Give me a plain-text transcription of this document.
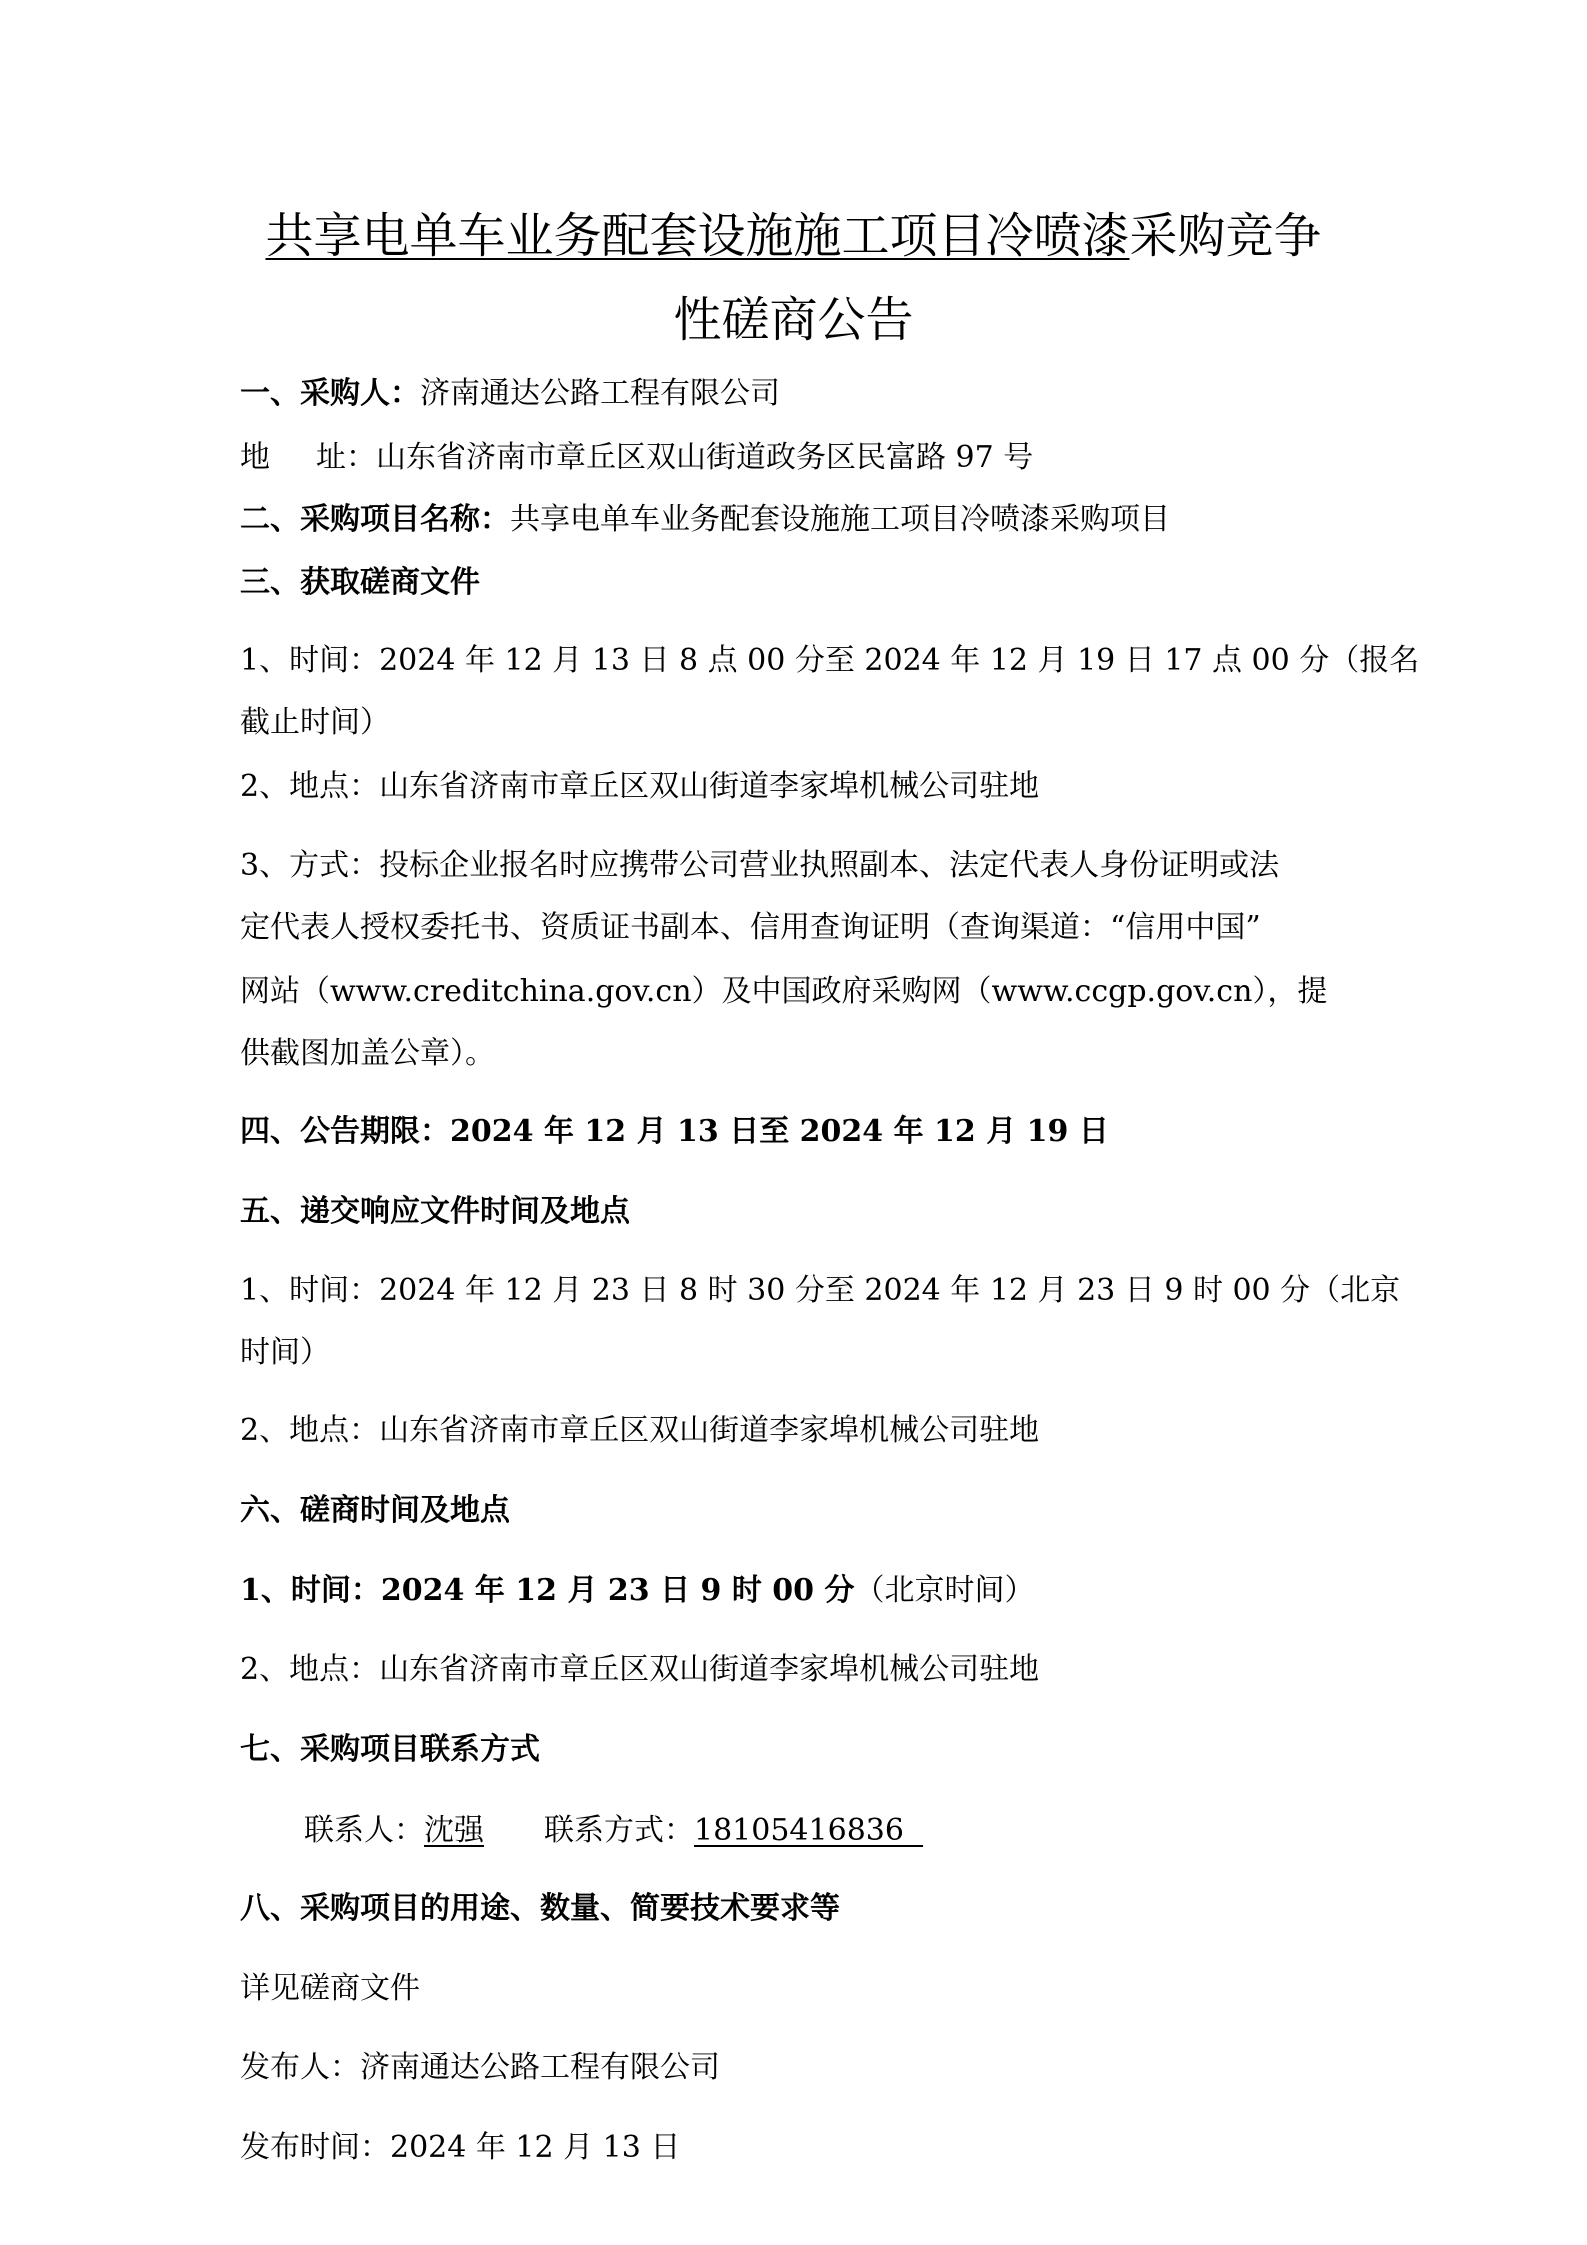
共享电单车业务配套设施施工项目冷喷漆采购竞争
性磋商公告
一、采购人：济南通达公路工程有限公司
地 址：山东省济南市章丘区双山街道政务区民富路 97 号
二、采购项目名称：共享电单车业务配套设施施工项目冷喷漆采购项目
三、获取磋商文件
1、时间：2024 年 12 月 13 日 8 点 00 分至 2024 年 12 月 19 日 17 点 00 分（报名
截止时间）
2、地点：山东省济南市章丘区双山街道李家埠机械公司驻地
3、方式：投标企业报名时应携带公司营业执照副本、法定代表人身份证明或法
定代表人授权委托书、资质证书副本、信用查询证明（查询渠道：“信用中国”
网站（www.creditchina.gov.cn）及中国政府采购网（www.ccgp.gov.cn），提
供截图加盖公章）。
四、公告期限：2024 年 12 月 13 日至 2024 年 12 月 19 日
五、递交响应文件时间及地点
1、时间：2024 年 12 月 23 日 8 时 30 分至 2024 年 12 月 23 日 9 时 00 分（北京
时间）
2、地点：山东省济南市章丘区双山街道李家埠机械公司驻地
六、磋商时间及地点
1、时间：2024 年 12 月 23 日 9 时 00 分（北京时间）
2、地点：山东省济南市章丘区双山街道李家埠机械公司驻地
七、采购项目联系方式
联系人：沈强 联系方式：18105416836
八、采购项目的用途、数量、简要技术要求等
详见磋商文件
发布人：济南通达公路工程有限公司
发布时间：2024 年 12 月 13 日
